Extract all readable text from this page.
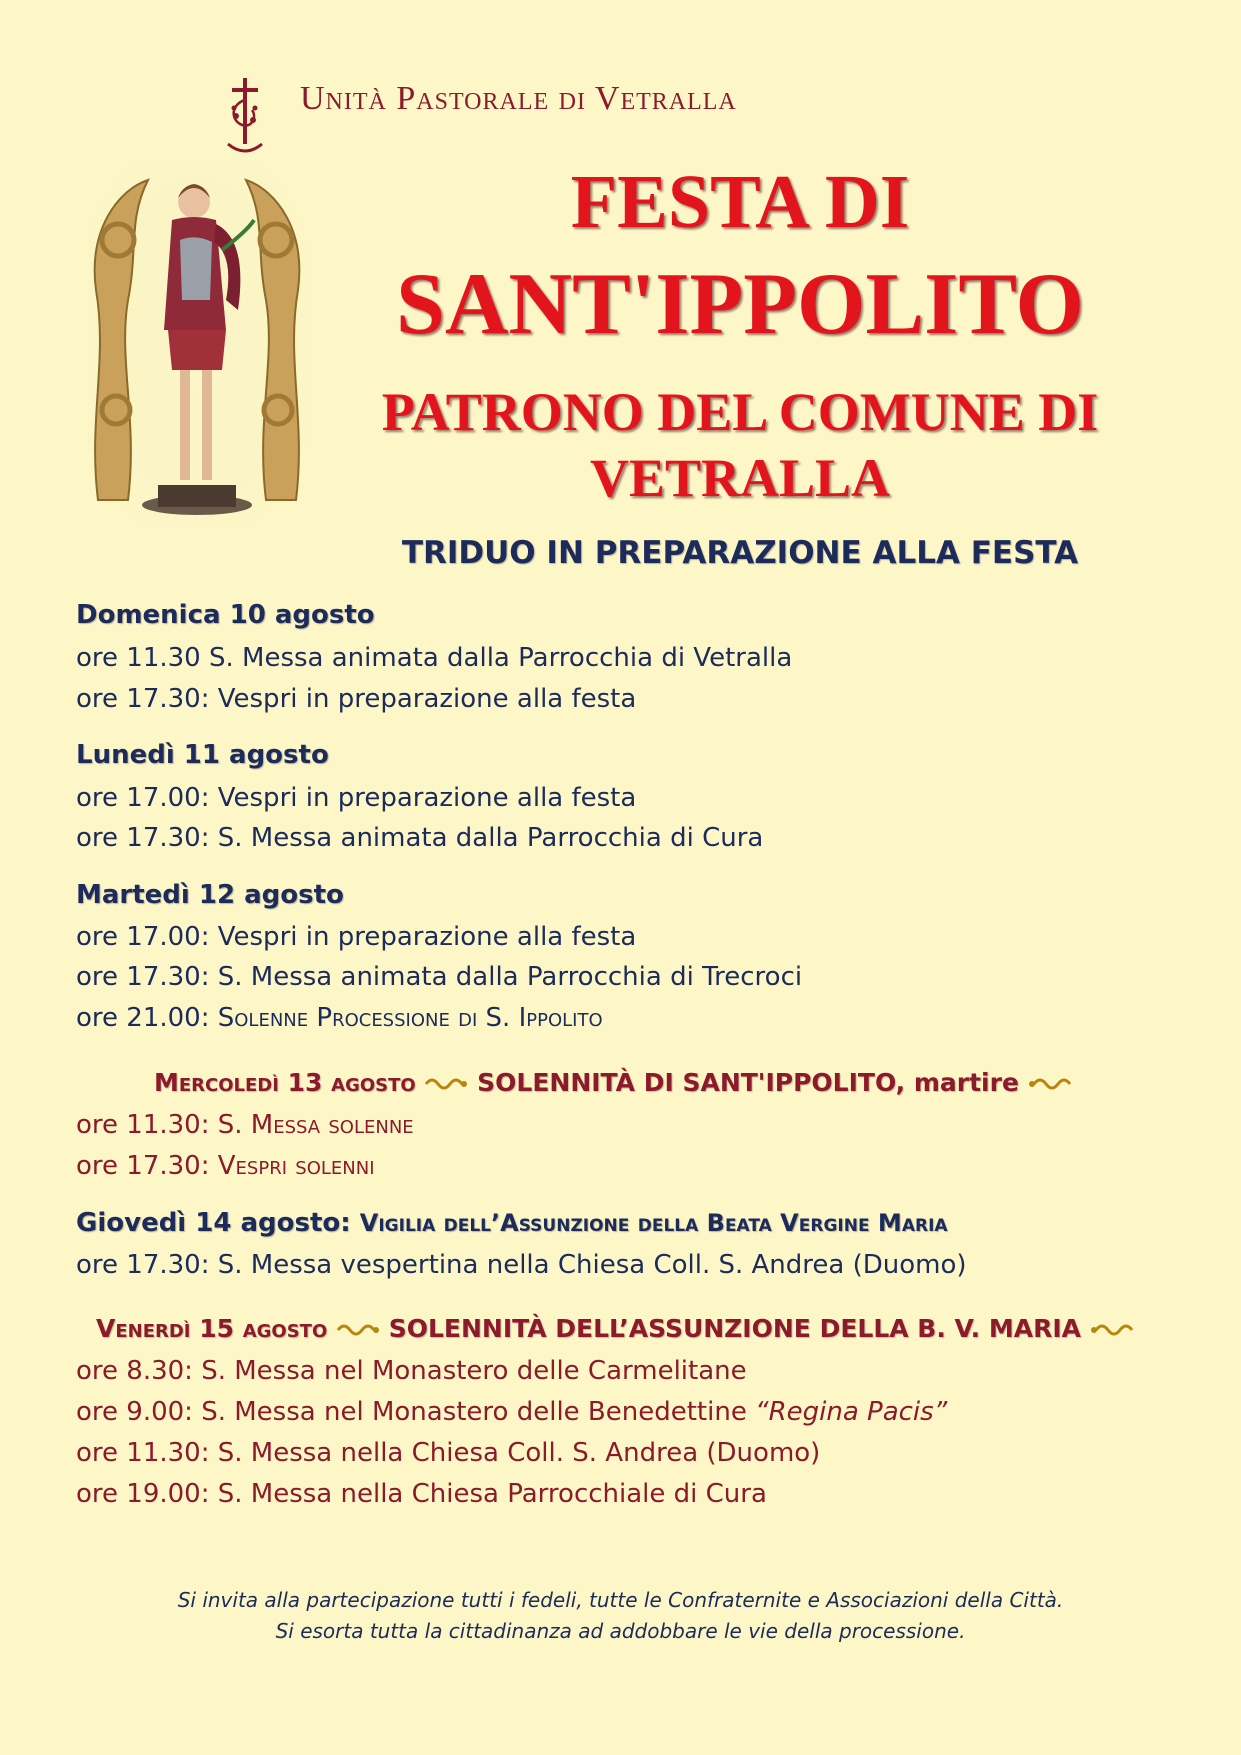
Unità Pastorale di Vetralla
FESTA DI
SANT'IPPOLITO
PATRONO DEL COMUNE DI
VETRALLA
TRIDUO IN PREPARAZIONE ALLA FESTA
Domenica 10 agosto
ore 11.30 S. Messa animata dalla Parrocchia di Vetralla
ore 17.30: Vespri in preparazione alla festa
Lunedì 11 agosto
ore 17.00: Vespri in preparazione alla festa
ore 17.30: S. Messa animata dalla Parrocchia di Cura
Martedì 12 agosto
ore 17.00: Vespri in preparazione alla festa
ore 17.30: S. Messa animata dalla Parrocchia di Trecroci
ore 21.00: Solenne Processione di S. Ippolito
Mercoledì 13 agosto SOLENNITÀ DI SANT'IPPOLITO, martire
ore 11.30: S. Messa solenne
ore 17.30: Vespri solenni
Giovedì 14 agosto: Vigilia dell’Assunzione della Beata Vergine Maria
ore 17.30: S. Messa vespertina nella Chiesa Coll. S. Andrea (Duomo)
Venerdì 15 agosto SOLENNITÀ DELL’ASSUNZIONE DELLA B. V. MARIA
ore 8.30: S. Messa nel Monastero delle Carmelitane
ore 9.00: S. Messa nel Monastero delle Benedettine “Regina Pacis”
ore 11.30: S. Messa nella Chiesa Coll. S. Andrea (Duomo)
ore 19.00: S. Messa nella Chiesa Parrocchiale di Cura
Si invita alla partecipazione tutti i fedeli, tutte le Confraternite e Associazioni della Città.
Si esorta tutta la cittadinanza ad addobbare le vie della processione.
